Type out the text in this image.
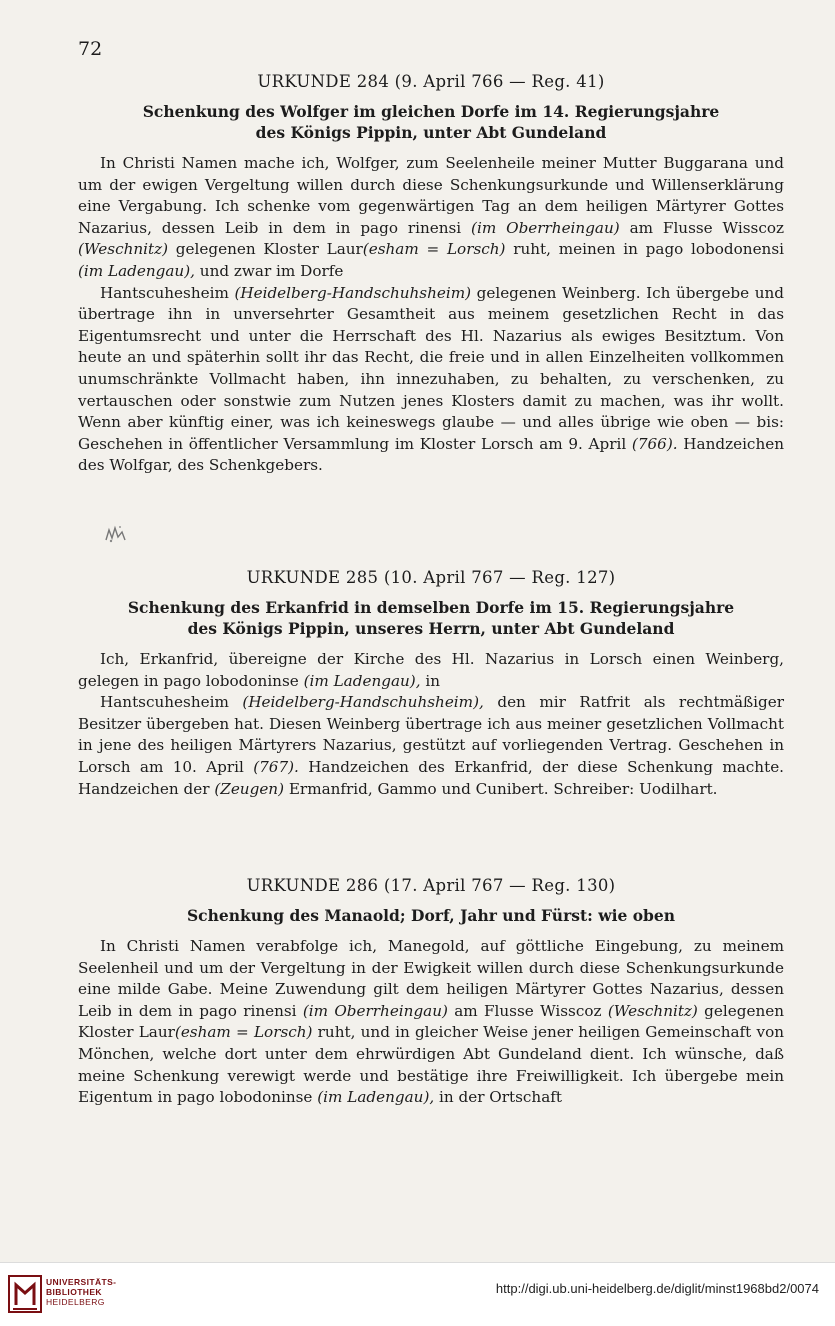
72
URKUNDE 284 (9. April 766 — Reg. 41)
Schenkung des Wolfger im gleichen Dorfe im 14. Regierungsjahre
des Königs Pippin, unter Abt Gundeland

In Christi Namen mache ich, Wolfger, zum Seelenheile meiner Mutter Buggarana und um der ewigen Vergeltung willen durch diese Schenkungsurkunde und Willenserklärung eine Vergabung. Ich schenke vom gegenwärtigen Tag an dem heiligen Märtyrer Gottes Nazarius, dessen Leib in dem in pago rinensi (im Oberrheingau) am Flusse Wisscoz (Weschnitz) gelegenen Kloster Laur(esham = Lorsch) ruht, meinen in pago lobodonensi (im Ladengau), und zwar im Dorfe

Hantscuhesheim (Heidelberg-Handschuhsheim) gelegenen Weinberg. Ich übergebe und übertrage ihn in unversehrter Gesamtheit aus meinem gesetzlichen Recht in das Eigentumsrecht und unter die Herrschaft des Hl. Nazarius als ewiges Besitztum. Von heute an und späterhin sollt ihr das Recht, die freie und in allen Einzelheiten vollkommen unumschränkte Vollmacht haben, ihn innezuhaben, zu behalten, zu verschenken, zu vertauschen oder sonstwie zum Nutzen jenes Klosters damit zu machen, was ihr wollt. Wenn aber künftig einer, was ich keineswegs glaube — und alles übrige wie oben — bis: Geschehen in öffentlicher Versammlung im Kloster Lorsch am 9. April (766). Handzeichen des Wolfgar, des Schenkgebers.

URKUNDE 285 (10. April 767 — Reg. 127)
Schenkung des Erkanfrid in demselben Dorfe im 15. Regierungsjahre
des Königs Pippin, unseres Herrn, unter Abt Gundeland

Ich, Erkanfrid, übereigne der Kirche des Hl. Nazarius in Lorsch einen Weinberg, gelegen in pago lobodoninse (im Ladengau), in

Hantscuhesheim (Heidelberg-Handschuhsheim), den mir Ratfrit als rechtmäßiger Besitzer übergeben hat. Diesen Weinberg übertrage ich aus meiner gesetzlichen Vollmacht in jene des heiligen Märtyrers Nazarius, gestützt auf vorliegenden Vertrag. Geschehen in Lorsch am 10. April (767). Handzeichen des Erkanfrid, der diese Schenkung machte. Handzeichen der (Zeugen) Ermanfrid, Gammo und Cunibert. Schreiber: Uodilhart.

URKUNDE 286 (17. April 767 — Reg. 130)
Schenkung des Manaold; Dorf, Jahr und Fürst: wie oben

In Christi Namen verabfolge ich, Manegold, auf göttliche Eingebung, zu meinem Seelenheil und um der Vergeltung in der Ewigkeit willen durch diese Schenkungsurkunde eine milde Gabe. Meine Zuwendung gilt dem heiligen Märtyrer Gottes Nazarius, dessen Leib in dem in pago rinensi (im Oberrheingau) am Flusse Wisscoz (Weschnitz) gelegenen Kloster Laur(esham = Lorsch) ruht, und in gleicher Weise jener heiligen Gemeinschaft von Mönchen, welche dort unter dem ehrwürdigen Abt Gundeland dient. Ich wünsche, daß meine Schenkung verewigt werde und bestätige ihre Freiwilligkeit. Ich übergebe mein Eigentum in pago lobodoninse (im Ladengau), in der Ortschaft

UNIVERSITÄTS-
BIBLIOTHEK
HEIDELBERG
http://digi.ub.uni-heidelberg.de/diglit/minst1968bd2/0074
